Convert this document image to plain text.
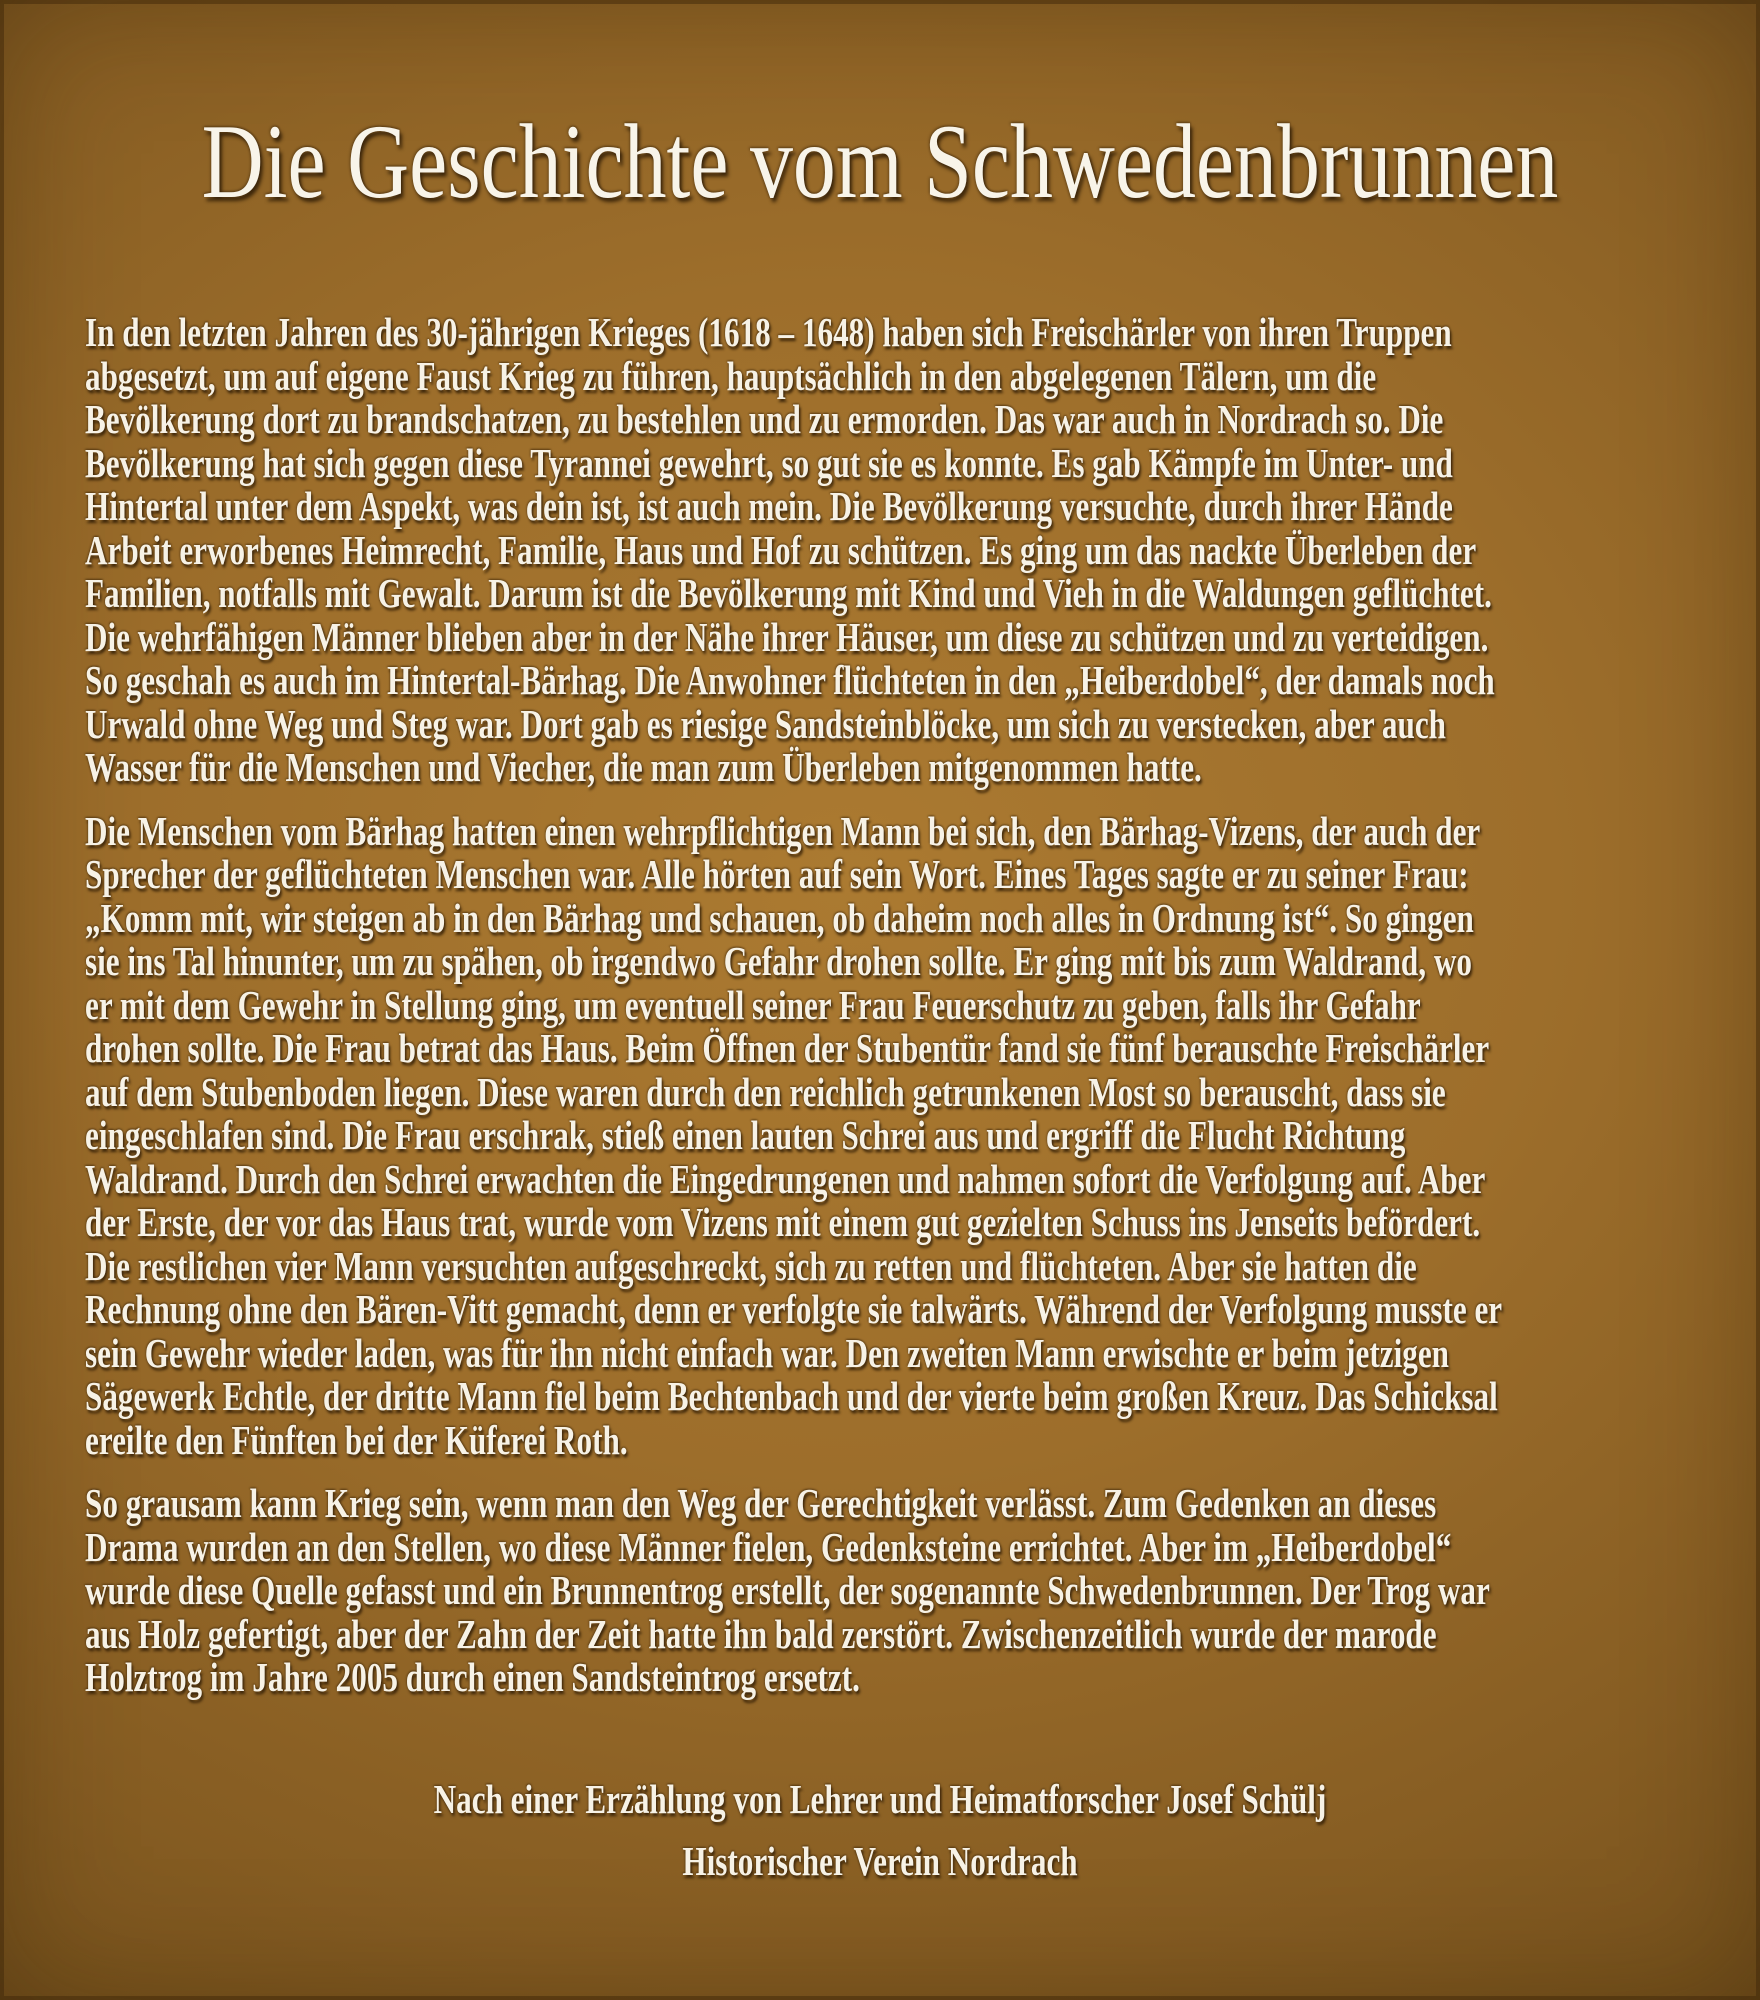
Die Geschichte vom Schwedenbrunnen
In den letzten Jahren des 30-jährigen Krieges (1618 – 1648) haben sich Freischärler von ihren Truppen
abgesetzt, um auf eigene Faust Krieg zu führen, hauptsächlich in den abgelegenen Tälern, um die
Bevölkerung dort zu brandschatzen, zu bestehlen und zu ermorden. Das war auch in Nordrach so. Die
Bevölkerung hat sich gegen diese Tyrannei gewehrt, so gut sie es konnte. Es gab Kämpfe im Unter- und
Hintertal unter dem Aspekt, was dein ist, ist auch mein. Die Bevölkerung versuchte, durch ihrer Hände
Arbeit erworbenes Heimrecht, Familie, Haus und Hof zu schützen. Es ging um das nackte Überleben der
Familien, notfalls mit Gewalt. Darum ist die Bevölkerung mit Kind und Vieh in die Waldungen geflüchtet.
Die wehrfähigen Männer blieben aber in der Nähe ihrer Häuser, um diese zu schützen und zu verteidigen.
So geschah es auch im Hintertal-Bärhag. Die Anwohner flüchteten in den „Heiberdobel“, der damals noch
Urwald ohne Weg und Steg war. Dort gab es riesige Sandsteinblöcke, um sich zu verstecken, aber auch
Wasser für die Menschen und Viecher, die man zum Überleben mitgenommen hatte.
Die Menschen vom Bärhag hatten einen wehrpflichtigen Mann bei sich, den Bärhag-Vizens, der auch der
Sprecher der geflüchteten Menschen war. Alle hörten auf sein Wort. Eines Tages sagte er zu seiner Frau:
„Komm mit, wir steigen ab in den Bärhag und schauen, ob daheim noch alles in Ordnung ist“. So gingen
sie ins Tal hinunter, um zu spähen, ob irgendwo Gefahr drohen sollte. Er ging mit bis zum Waldrand, wo
er mit dem Gewehr in Stellung ging, um eventuell seiner Frau Feuerschutz zu geben, falls ihr Gefahr
drohen sollte. Die Frau betrat das Haus. Beim Öffnen der Stubentür fand sie fünf berauschte Freischärler
auf dem Stubenboden liegen. Diese waren durch den reichlich getrunkenen Most so berauscht, dass sie
eingeschlafen sind. Die Frau erschrak, stieß einen lauten Schrei aus und ergriff die Flucht Richtung
Waldrand. Durch den Schrei erwachten die Eingedrungenen und nahmen sofort die Verfolgung auf. Aber
der Erste, der vor das Haus trat, wurde vom Vizens mit einem gut gezielten Schuss ins Jenseits befördert.
Die restlichen vier Mann versuchten aufgeschreckt, sich zu retten und flüchteten. Aber sie hatten die
Rechnung ohne den Bären-Vitt gemacht, denn er verfolgte sie talwärts. Während der Verfolgung musste er
sein Gewehr wieder laden, was für ihn nicht einfach war. Den zweiten Mann erwischte er beim jetzigen
Sägewerk Echtle, der dritte Mann fiel beim Bechtenbach und der vierte beim großen Kreuz. Das Schicksal
ereilte den Fünften bei der Küferei Roth.
So grausam kann Krieg sein, wenn man den Weg der Gerechtigkeit verlässt. Zum Gedenken an dieses
Drama wurden an den Stellen, wo diese Männer fielen, Gedenksteine errichtet. Aber im „Heiberdobel“
wurde diese Quelle gefasst und ein Brunnentrog erstellt, der sogenannte Schwedenbrunnen. Der Trog war
aus Holz gefertigt, aber der Zahn der Zeit hatte ihn bald zerstört. Zwischenzeitlich wurde der marode
Holztrog im Jahre 2005 durch einen Sandsteintrog ersetzt.
Nach einer Erzählung von Lehrer und Heimatforscher Josef Schülj
Historischer Verein Nordrach
